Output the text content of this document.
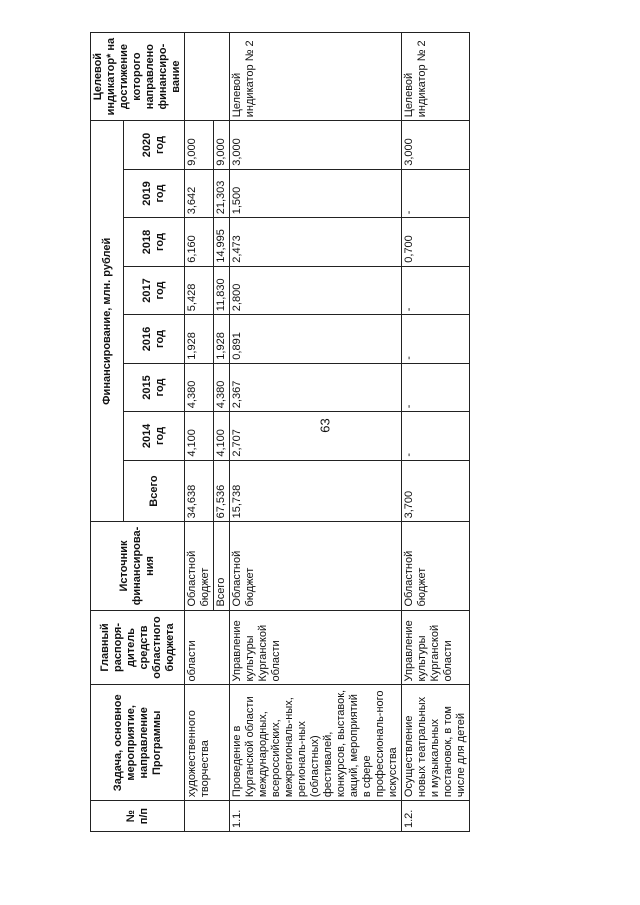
63
№ п/п	Задача, основное мероприятие, направление Программы	Главный распоря-дитель средств областного бюджета	Источник финансирова-ния	Финансирование, млн. рублей								Целевой индикатор* на достижение которого направлено финансиро-вание
				Всего	2014 год	2015 год	2016 год	2017 год	2018 год	2019 год	2020 год	
	художественного творчества	области	Областной бюджет	34,638	4,100	4,380	1,928	5,428	6,160	3,642	9,000	
			Всего	67,536	4,100	4,380	1,928	11,830	14,995	21,303	9,000	
1.1.	Проведение в Курганской области международных, всероссийских, межрегиональ-ных, региональ-ных (областных) фестивалей, конкурсов, выставок, акций, мероприятий в сфере профессиональ-ного искусства	Управление культуры Курганской области	Областной бюджет	15,738	2,707	2,367	0,891	2,800	2,473	1,500	3,000	Целевой индикатор № 2
1.2.	Осуществление новых театральных и музыкальных постановок, в том числе для детей	Управление культуры Курганской области	Областной бюджет	3,700	-	-	-	-	0,700	-	3,000	Целевой индикатор № 2
